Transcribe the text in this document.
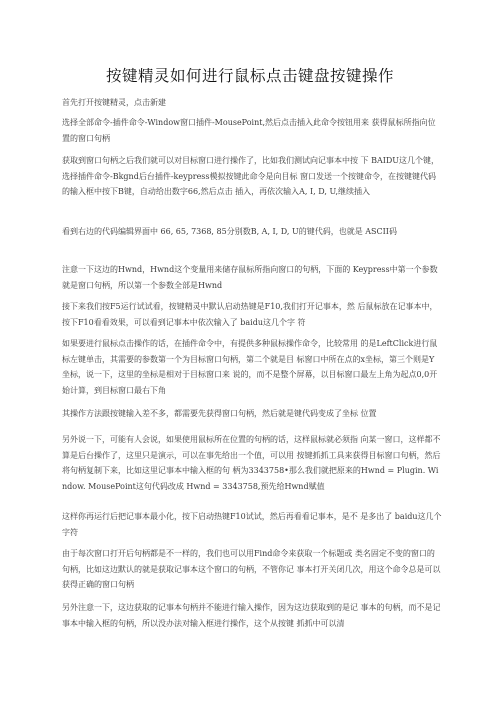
按键精灵如何进行鼠标点击键盘按键操作
首先打开按键精灵，点击新建
选择全部命令-插件命令-Window窗口插件-MousePoint,然后点击插入此命令按钮用来 获得鼠标所指向位置的窗口句柄
获取到窗口句柄之后我们就可以对目标窗口进行操作了，比如我们测试向记事本中按 下 BAIDU这几个键，选择插件命令-Bkgnd后台插件-keypress模拟按键此命令是向目标 窗口发送一个按键命令，在按键键代码的输入框中按下B键，自动给出数字66,然后点击 插入，再依次输入A, I, D, U,继续插入
看到右边的代码编辑界面中 66, 65, 7368, 85分别数B, A, I, D, U的键代码，也就是 ASCII码
注意一下这边的Hwnd，Hwnd这个变量用来储存鼠标所指向窗口的句柄，下面的 Keypress中第一个参数就是窗口句柄，所以第一个参数全部是Hwnd
接下来我们按F5运行试试看，按键精灵中默认启动热键是F10,我们打开记事本，然 后鼠标放在记事本中，按下F10看看效果，可以看到记事本中依次输入了 baidu这几个字 符
如果要进行鼠标点击操作的话，在插件命令中，有提供多种鼠标操作命令，比较常用 的是LeftClick进行鼠标左键单击，其需要的参数第一个为目标窗口句柄，第二个就是目 标窗口中所在点的x坐标，第三个则是Y坐标，说一下，这里的坐标是相对于目标窗口来 说的，而不是整个屏幕，以目标窗口最左上角为起点0,0开始计算，到目标窗口最右下角
其操作方法跟按键输入差不多，都需要先获得窗口句柄，然后就是键代码变成了坐标 位置
另外说一下，可能有人会说，如果使用鼠标所在位置的句柄的话，这样鼠标就必须指 向某一窗口，这样都不算是后台操作了，这里只是演示，可以在事先给出一个值，可以用 按键抓抓工具来获得目标窗口句柄，然后将句柄复制下来，比如这里记事本中输入框的句 柄为3343758•那么我们就把原来的Hwnd = Plugin. Window. MousePoint这句代码改成 Hwnd = 3343758,预先给Hwnd赋值
这样你再运行后把记事本最小化，按下启动热键F10试试，然后再看看记事本，是不 是多出了 baidu这几个字符
由于每次窗口打开后句柄都是不一样的，我们也可以用Find命令来获取一个标题或 类名固定不变的窗口的句柄，比如这边默认的就是获取记事本这个窗口的句柄，不管你记 事本打开关闭几次，用这个命令总是可以获得正确的窗口句柄
另外注意一下，这边获取的记事本句柄并不能进行输入操作，因为这边获取到的是记 事本的句柄，而不是记事本中输入框的句柄，所以没办法对输入框进行操作，这个从按键 抓抓中可以清
